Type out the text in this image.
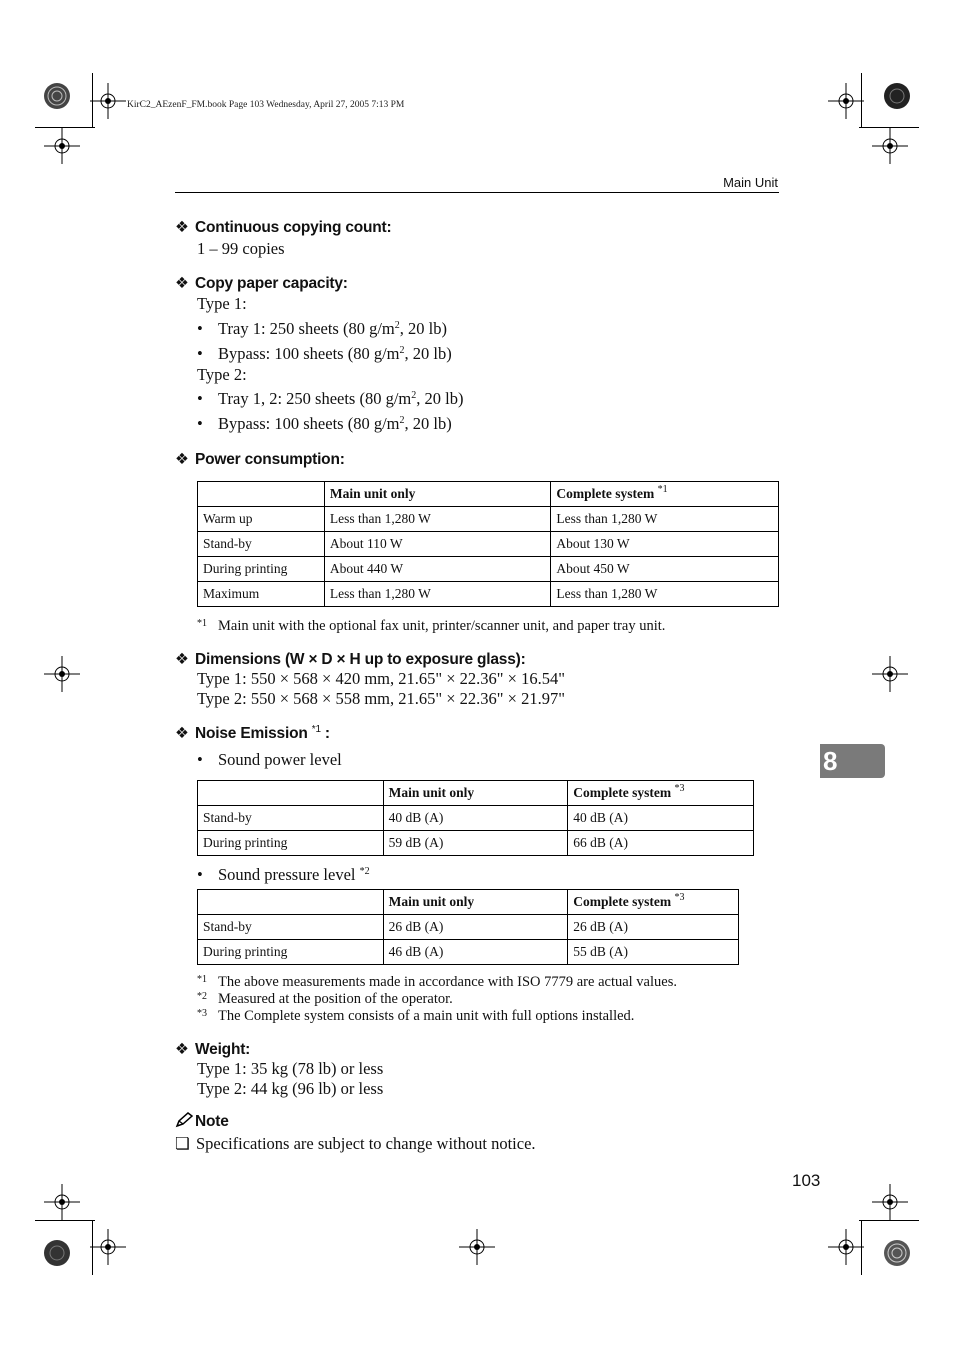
KirC2_AEzenF_FM.book Page 103 Wednesday, April 27, 2005 7:13 PM
Main Unit
❖ Continuous copying count:
1 – 99 copies
❖ Copy paper capacity:
Type 1:
• Tray 1: 250 sheets (80 $g/m^2$, 20 lb)
• Bypass: 100 sheets (80 $g/m^2$, 20 lb)
Type 2:
• Tray 1, 2: 250 sheets (80 $g/m^2$, 20 lb)
• Bypass: 100 sheets (80 $g/m^2$, 20 lb)
❖ Power consumption:
	Main unit only	Complete system $^{*1}$
Warm up	Less than 1,280 W	Less than 1,280 W
Stand-by	About 110 W	About 130 W
During printing	About 440 W	About 450 W
Maximum	Less than 1,280 W	Less than 1,280 W
*1 Main unit with the optional fax unit, printer/scanner unit, and paper tray unit.
❖ Dimensions (W × D × H up to exposure glass):
Type 1: 550 × 568 × 420 mm, 21.65" × 22.36" × 16.54"
Type 2: 550 × 568 × 558 mm, 21.65" × 22.36" × 21.97"
❖ Noise Emission $^{*1}$ :
• Sound power level
	Main unit only	Complete system $^{*3}$
Stand-by	40 dB (A)	40 dB (A)
During printing	59 dB (A)	66 dB (A)
• Sound pressure level $^{*2}$
	Main unit only	Complete system $^{*3}$
Stand-by	26 dB (A)	26 dB (A)
During printing	46 dB (A)	55 dB (A)
*1 The above measurements made in accordance with ISO 7779 are actual values.
*2 Measured at the position of the operator.
*3 The Complete system consists of a main unit with full options installed.
❖ Weight:
Type 1: 35 kg (78 lb) or less
Type 2: 44 kg (96 lb) or less
Note
❏ Specifications are subject to change without notice.
8
103
